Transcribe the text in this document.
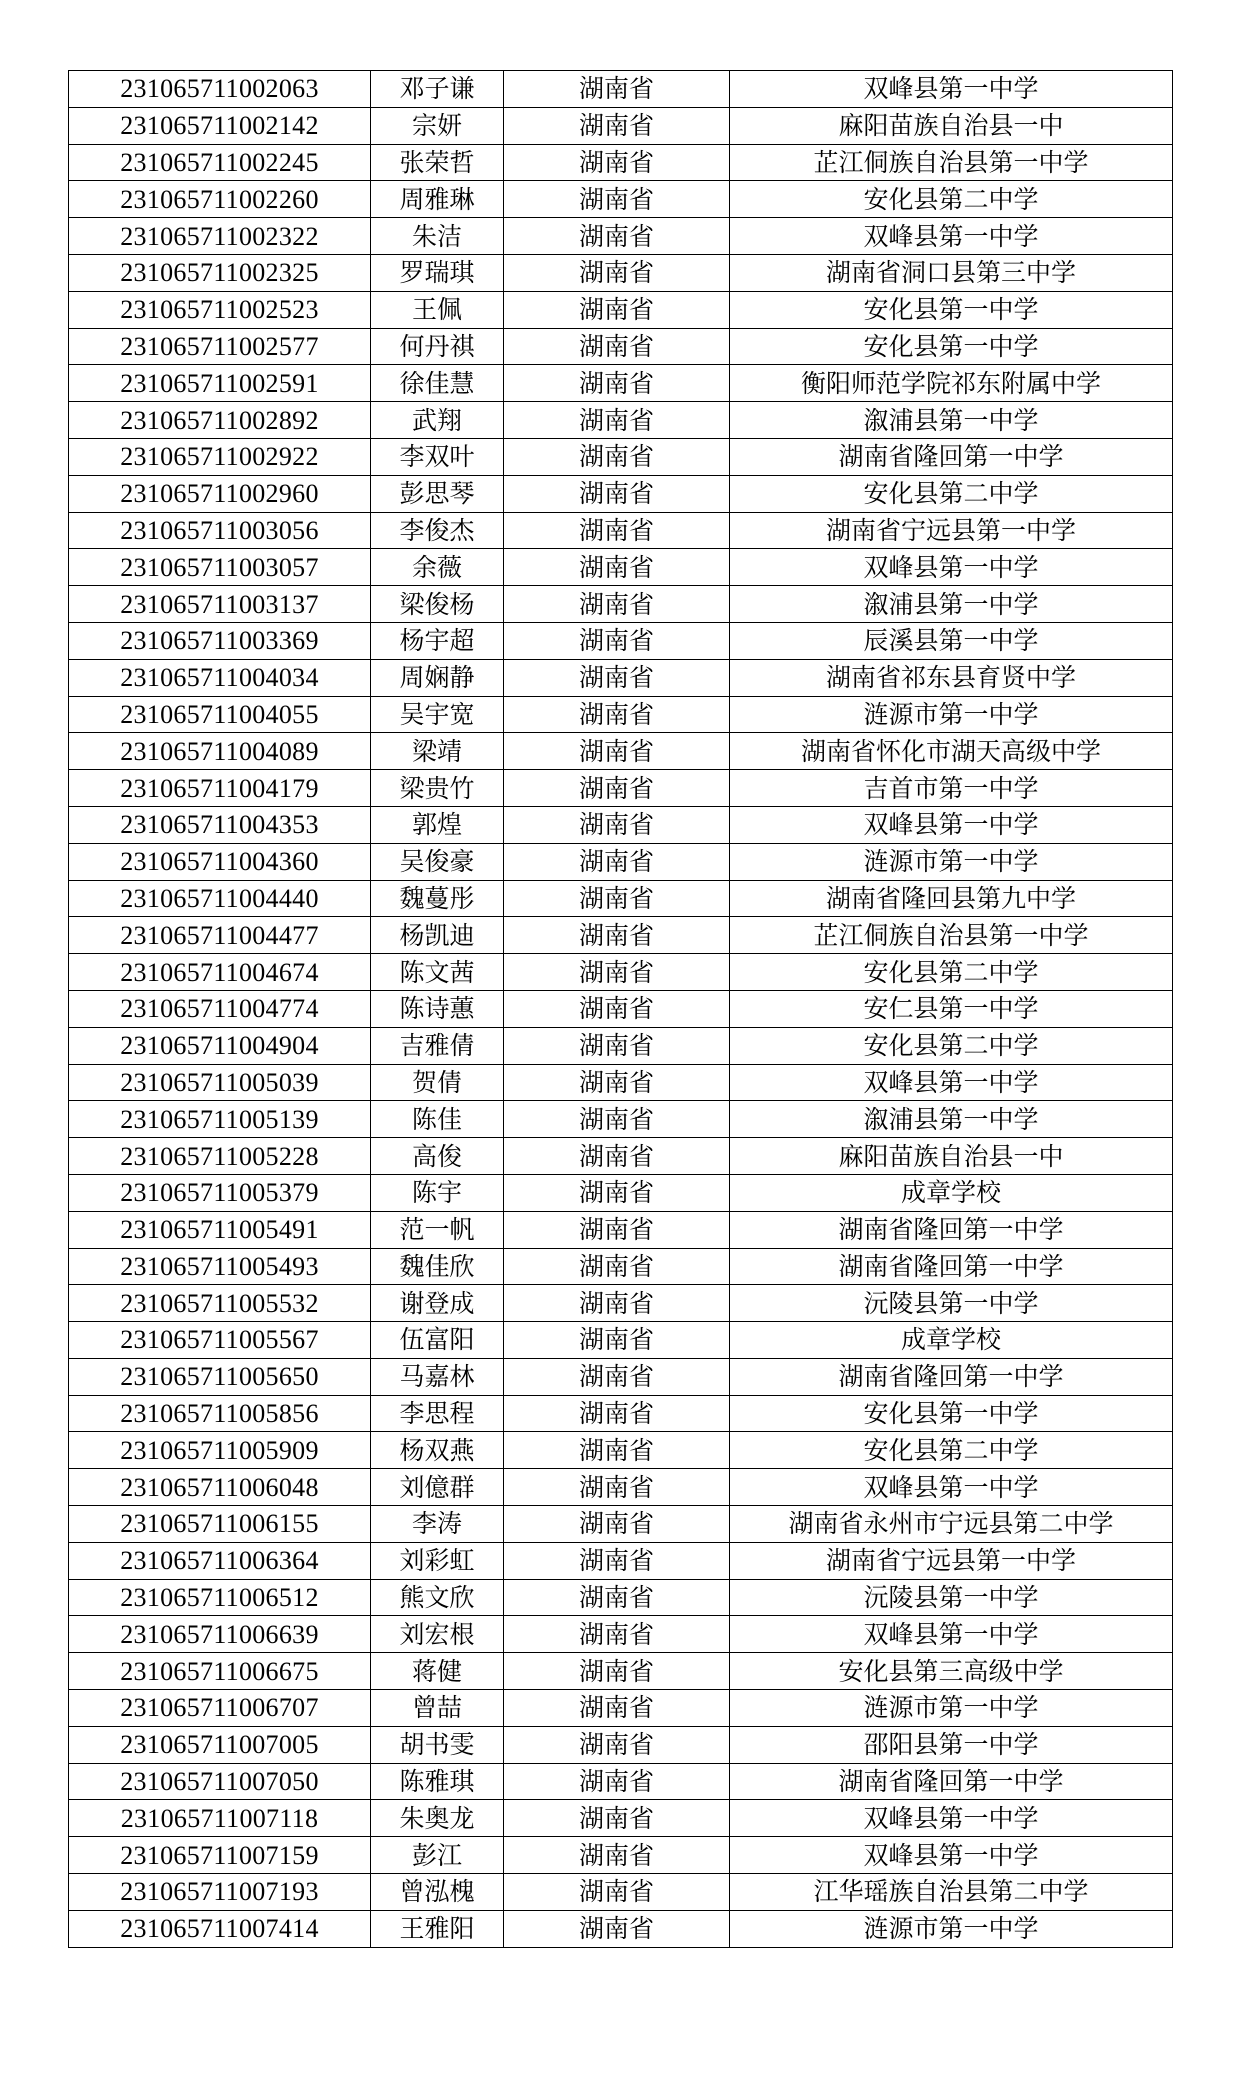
231065711002063	邓子谦	湖南省	双峰县第一中学
231065711002142	宗妍	湖南省	麻阳苗族自治县一中
231065711002245	张荣哲	湖南省	芷江侗族自治县第一中学
231065711002260	周雅琳	湖南省	安化县第二中学
231065711002322	朱洁	湖南省	双峰县第一中学
231065711002325	罗瑞琪	湖南省	湖南省洞口县第三中学
231065711002523	王佩	湖南省	安化县第一中学
231065711002577	何丹祺	湖南省	安化县第一中学
231065711002591	徐佳慧	湖南省	衡阳师范学院祁东附属中学
231065711002892	武翔	湖南省	溆浦县第一中学
231065711002922	李双叶	湖南省	湖南省隆回第一中学
231065711002960	彭思琴	湖南省	安化县第二中学
231065711003056	李俊杰	湖南省	湖南省宁远县第一中学
231065711003057	余薇	湖南省	双峰县第一中学
231065711003137	梁俊杨	湖南省	溆浦县第一中学
231065711003369	杨宇超	湖南省	辰溪县第一中学
231065711004034	周娴静	湖南省	湖南省祁东县育贤中学
231065711004055	吴宇宽	湖南省	涟源市第一中学
231065711004089	梁靖	湖南省	湖南省怀化市湖天高级中学
231065711004179	梁贵竹	湖南省	吉首市第一中学
231065711004353	郭煌	湖南省	双峰县第一中学
231065711004360	吴俊豪	湖南省	涟源市第一中学
231065711004440	魏蔓彤	湖南省	湖南省隆回县第九中学
231065711004477	杨凯迪	湖南省	芷江侗族自治县第一中学
231065711004674	陈文茜	湖南省	安化县第二中学
231065711004774	陈诗蕙	湖南省	安仁县第一中学
231065711004904	吉雅倩	湖南省	安化县第二中学
231065711005039	贺倩	湖南省	双峰县第一中学
231065711005139	陈佳	湖南省	溆浦县第一中学
231065711005228	高俊	湖南省	麻阳苗族自治县一中
231065711005379	陈宇	湖南省	成章学校
231065711005491	范一帆	湖南省	湖南省隆回第一中学
231065711005493	魏佳欣	湖南省	湖南省隆回第一中学
231065711005532	谢登成	湖南省	沅陵县第一中学
231065711005567	伍富阳	湖南省	成章学校
231065711005650	马嘉林	湖南省	湖南省隆回第一中学
231065711005856	李思程	湖南省	安化县第一中学
231065711005909	杨双燕	湖南省	安化县第二中学
231065711006048	刘億群	湖南省	双峰县第一中学
231065711006155	李涛	湖南省	湖南省永州市宁远县第二中学
231065711006364	刘彩虹	湖南省	湖南省宁远县第一中学
231065711006512	熊文欣	湖南省	沅陵县第一中学
231065711006639	刘宏根	湖南省	双峰县第一中学
231065711006675	蒋健	湖南省	安化县第三高级中学
231065711006707	曾喆	湖南省	涟源市第一中学
231065711007005	胡书雯	湖南省	邵阳县第一中学
231065711007050	陈雅琪	湖南省	湖南省隆回第一中学
231065711007118	朱奥龙	湖南省	双峰县第一中学
231065711007159	彭江	湖南省	双峰县第一中学
231065711007193	曾泓槐	湖南省	江华瑶族自治县第二中学
231065711007414	王雅阳	湖南省	涟源市第一中学
